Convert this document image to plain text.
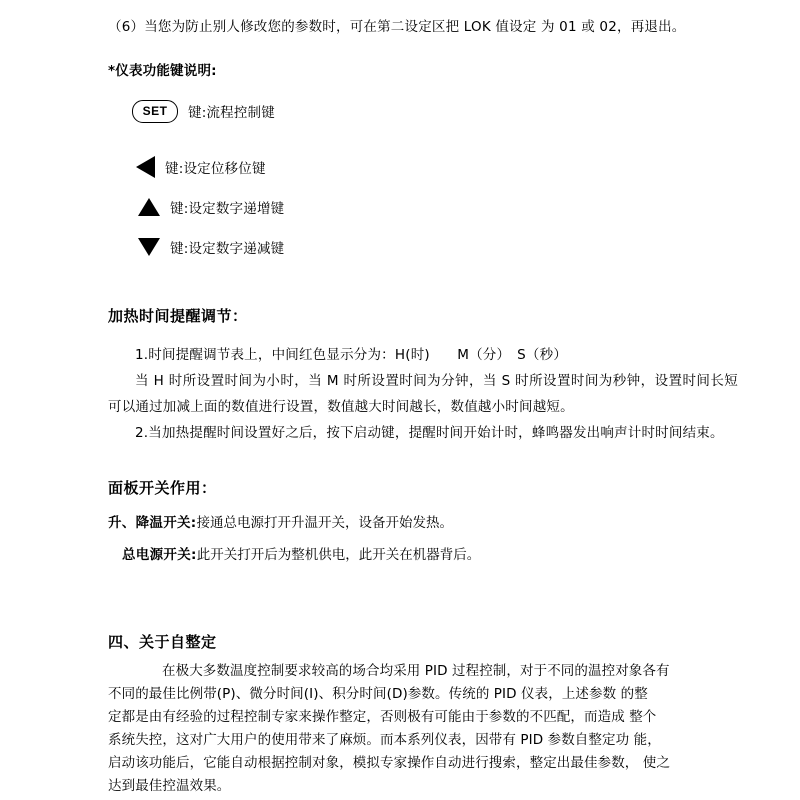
（6）当您为防止别人修改您的参数时，可在第二设定区把 LOK 值设定 为 01 或 02，再退出。

*仪表功能键说明:

SET	键:流程控制键
键:设定位移位键
键:设定数字递增键
键:设定数字递减键

加热时间提醒调节：

1.时间提醒调节表上，中间红色显示分为：H(时)　　M（分）　S（秒）

当 H 时所设置时间为小时，当 M 时所设置时间为分钟，当 S 时所设置时间为秒钟，设置时间长短可以通过加减上面的数值进行设置，数值越大时间越长，数值越小时间越短。

2.当加热提醒时间设置好之后，按下启动键，提醒时间开始计时，蜂鸣器发出响声计时时间结束。

面板开关作用：

升、降温开关:接通总电源打开升温开关，设备开始发热。
总电源开关:此开关打开后为整机供电，此开关在机器背后。

四、关于自整定

在极大多数温度控制要求较高的场合均采用 PID 过程控制，对于不同的温控对象各有
不同的最佳比例带(P)、微分时间(I)、积分时间(D)参数。传统的 PID 仪表，上述参数 的整
定都是由有经验的过程控制专家来操作整定，否则极有可能由于参数的不匹配，而造成 整个
系统失控，这对广大用户的使用带来了麻烦。而本系列仪表，因带有 PID 参数自整定功 能，
启动该功能后，它能自动根据控制对象，模拟专家操作自动进行搜索，整定出最佳参数， 使之
达到最佳控温效果。
